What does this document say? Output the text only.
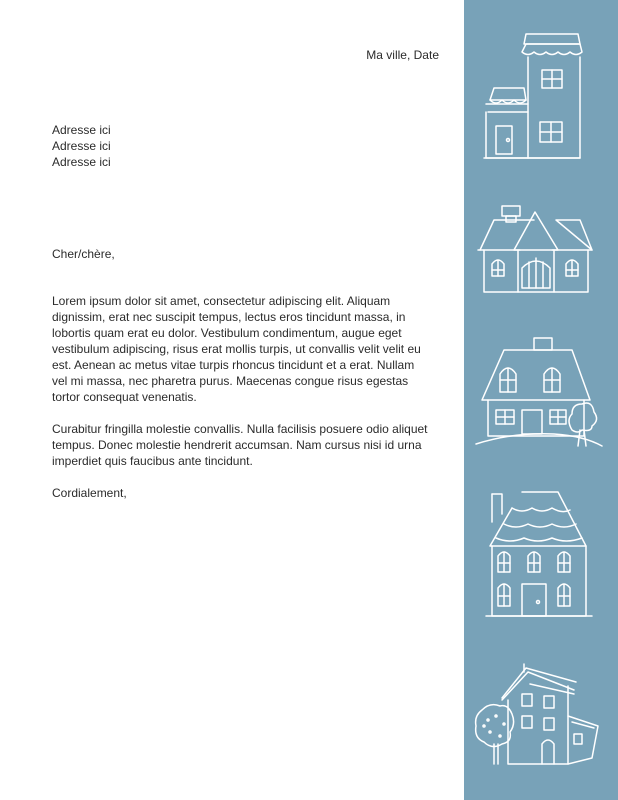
Ma ville, Date
Adresse ici
Adresse ici
Adresse ici
Cher/chère,

Lorem ipsum dolor sit amet, consectetur adipiscing elit. Aliquam dignissim, erat nec suscipit tempus, lectus eros tincidunt massa, in lobortis quam erat eu dolor. Vestibulum condimentum, augue eget vestibulum adipiscing, risus erat mollis turpis, ut convallis velit velit eu est. Aenean ac metus vitae turpis rhoncus tincidunt et a erat. Nullam vel mi massa, nec pharetra purus. Maecenas congue risus egestas tortor consequat venenatis.

Curabitur fringilla molestie convallis. Nulla facilisis posuere odio aliquet tempus. Donec molestie hendrerit accumsan. Nam cursus nisi id urna imperdiet quis faucibus ante tincidunt.

Cordialement,
